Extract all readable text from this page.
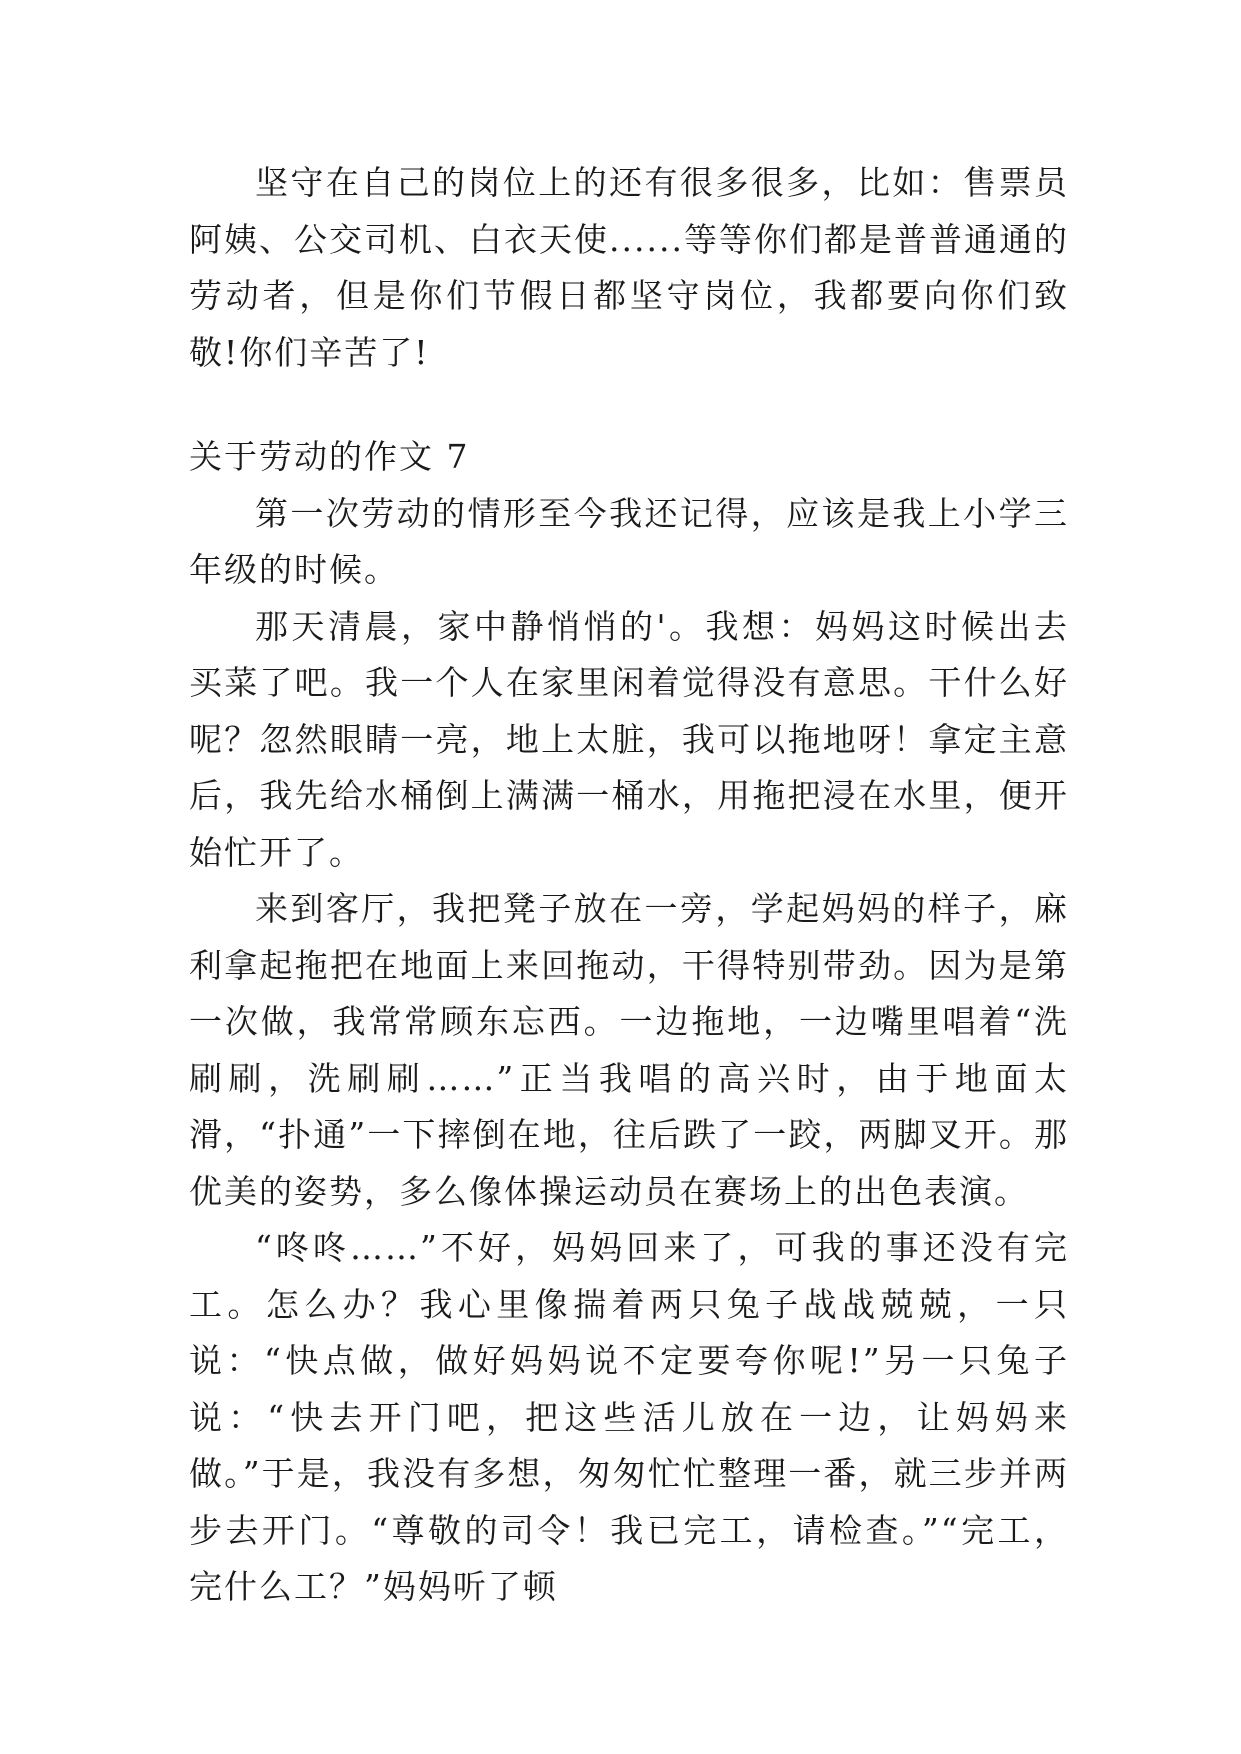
坚守在自己的岗位上的还有很多很多，比如：售票员阿姨、公交司机、白衣天使......等等你们都是普普通通的劳动者，但是你们节假日都坚守岗位，我都要向你们致敬!你们辛苦了!

关于劳动的作文 7

第一次劳动的情形至今我还记得，应该是我上小学三年级的时候。

那天清晨，家中静悄悄的'。我想：妈妈这时候出去买菜了吧。我一个人在家里闲着觉得没有意思。干什么好呢？忽然眼睛一亮，地上太脏，我可以拖地呀！拿定主意后，我先给水桶倒上满满一桶水，用拖把浸在水里，便开始忙开了。

来到客厅，我把凳子放在一旁，学起妈妈的样子，麻利拿起拖把在地面上来回拖动，干得特别带劲。因为是第一次做，我常常顾东忘西。一边拖地，一边嘴里唱着“洗刷刷，洗刷刷……”正当我唱的高兴时，由于地面太滑，“扑通”一下摔倒在地，往后跌了一跤，两脚叉开。那优美的姿势，多么像体操运动员在赛场上的出色表演。

“咚咚……”不好，妈妈回来了，可我的事还没有完工。怎么办？我心里像揣着两只兔子战战兢兢，一只说：“快点做，做好妈妈说不定要夸你呢!”另一只兔子说：“快去开门吧，把这些活儿放在一边，让妈妈来做。”于是，我没有多想，匆匆忙忙整理一番，就三步并两步去开门。“尊敬的司令！我已完工，请检查。”“完工，完什么工？”妈妈听了顿
